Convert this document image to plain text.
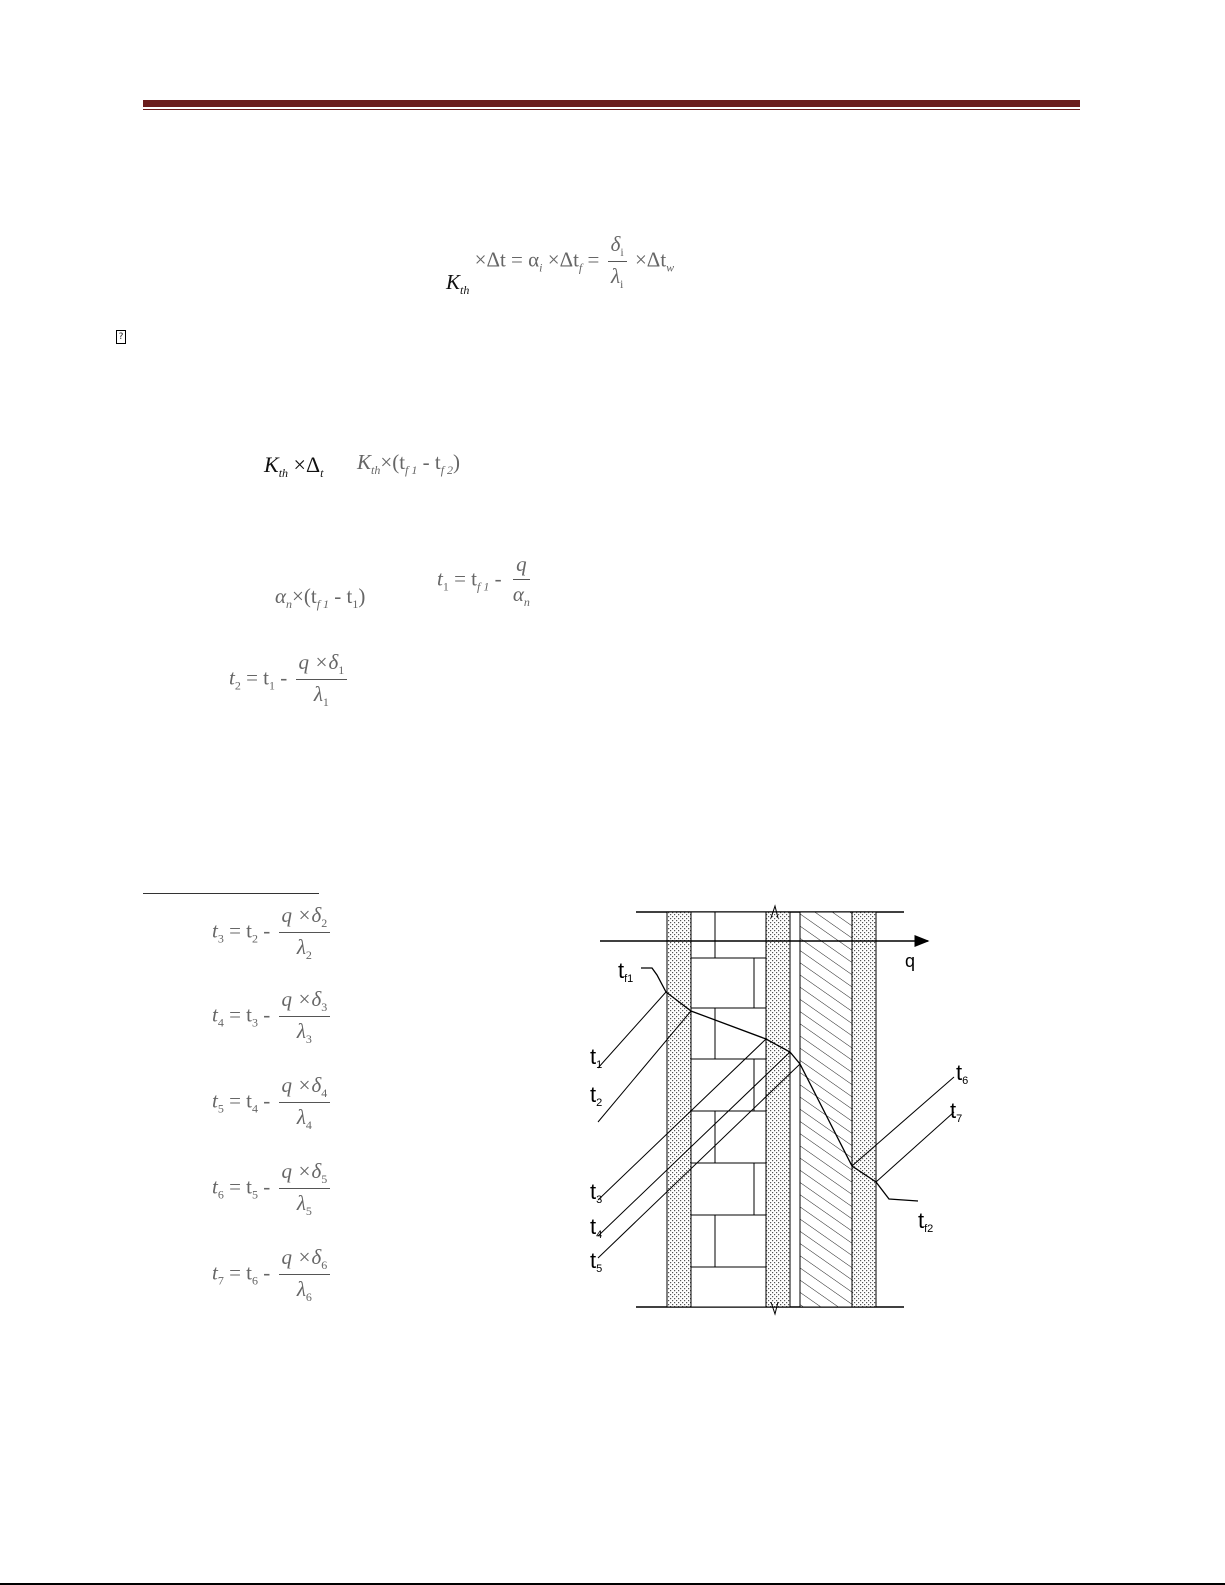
?
$K_{th} \times\Delta t = \alpha_i \times\Delta t_f = \frac{\delta_i}{\lambda_i} \times\Delta t_w$
$K_{th} \times\Delta_t$ $K_{th}\times(t_{f 1} - t_{f 2})$
$\alpha_n\times(t_{f 1} - t_1)$
$t_1 = t_{f 1} - \frac{q}{\alpha_n}$
$t_2 = t_1 - \frac{q \times\delta_1}{\lambda_1}$
$t_3 = t_2 - \frac{q \times\delta_2}{\lambda_2}$
$t_4 = t_3 - \frac{q \times\delta_3}{\lambda_3}$
$t_5 = t_4 - \frac{q \times\delta_4}{\lambda_4}$
$t_6 = t_5 - \frac{q \times\delta_5}{\lambda_5}$
$t_7 = t_6 - \frac{q \times\delta_6}{\lambda_6}$
q
tf1
t1
t2
t3
t4
t5
t6
t7
tf2
